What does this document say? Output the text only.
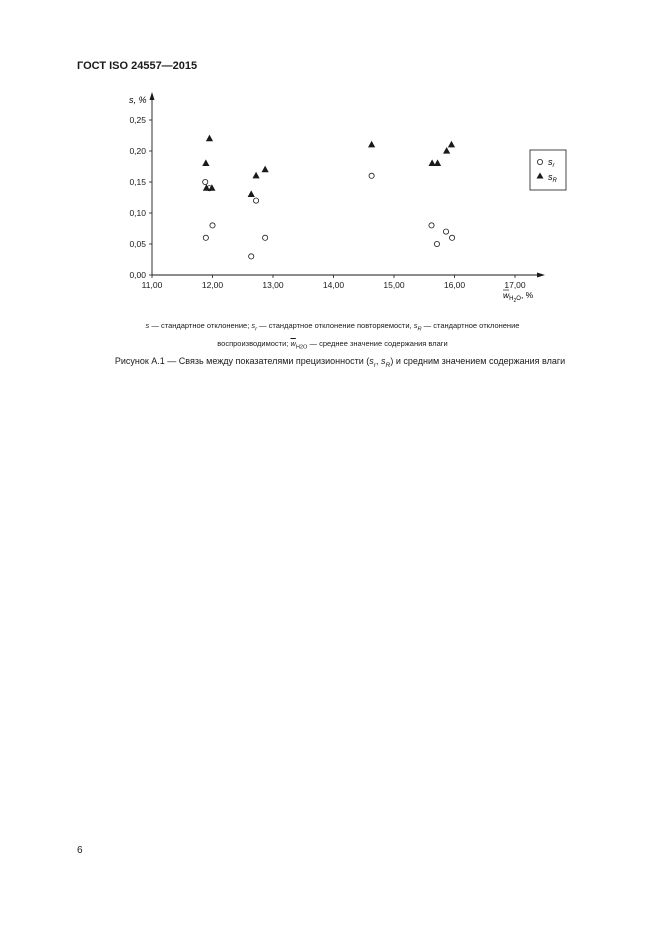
ГОСТ ISO 24557—2015
11,00	12,00	13,00	14,00	15,00	16,00	17,00
0,00
0,05
0,10
0,15
0,20
0,25
s, %
$w_{H2}^O$, %
$s_r$
$s_R$
s — стандартное отклонение; $s_r$ — стандартное отклонение повторяемости, $s_R$ — стандартное отклонение
воспроизводимости; $\overline{w}_{H2O}$ — среднее значение содержания влаги
Рисунок А.1 — Связь между показателями прецизионности ($s_r$, $s_R$) и средним значением содержания влаги
6
